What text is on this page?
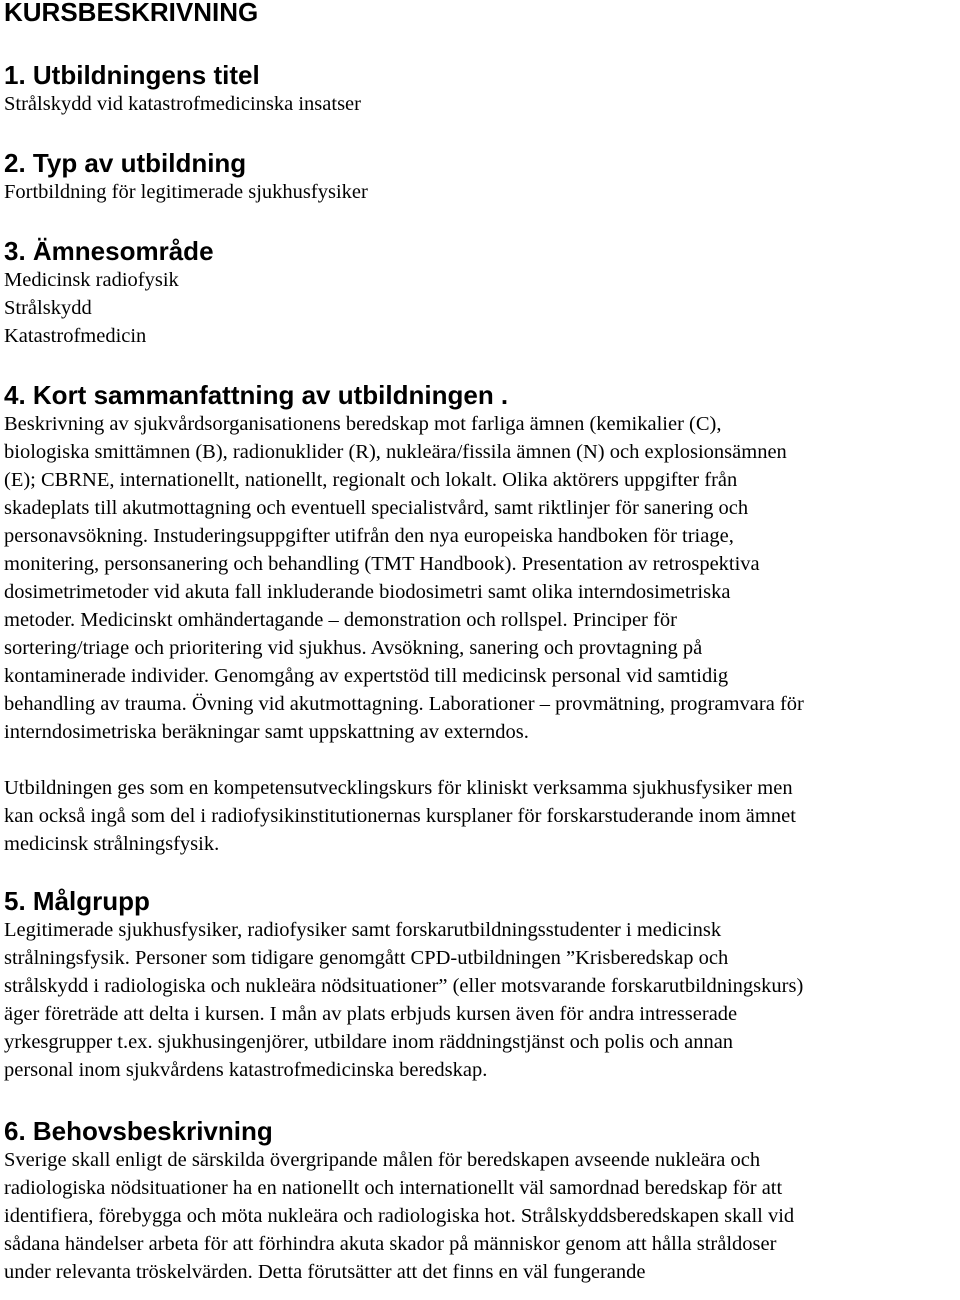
KURSBESKRIVNING
1. Utbildningens titel
Strålskydd vid katastrofmedicinska insatser
2. Typ av utbildning
Fortbildning för legitimerade sjukhusfysiker
3. Ämnesområde
Medicinsk radiofysik
Strålskydd
Katastrofmedicin
4. Kort sammanfattning av utbildningen .
Beskrivning av sjukvårdsorganisationens beredskap mot farliga ämnen (kemikalier (C),
biologiska smittämnen (B), radionuklider (R), nukleära/fissila ämnen (N) och explosionsämnen
(E); CBRNE, internationellt, nationellt, regionalt och lokalt. Olika aktörers uppgifter från
skadeplats till akutmottagning och eventuell specialistvård, samt riktlinjer för sanering och
personavsökning. Instuderingsuppgifter utifrån den nya europeiska handboken för triage,
monitering, personsanering och behandling (TMT Handbook). Presentation av retrospektiva
dosimetrimetoder vid akuta fall inkluderande biodosimetri samt olika interndosimetriska
metoder. Medicinskt omhändertagande – demonstration och rollspel. Principer för
sortering/triage och prioritering vid sjukhus. Avsökning, sanering och provtagning på
kontaminerade individer. Genomgång av expertstöd till medicinsk personal vid samtidig
behandling av trauma. Övning vid akutmottagning. Laborationer – provmätning, programvara för
interndosimetriska beräkningar samt uppskattning av externdos.
Utbildningen ges som en kompetensutvecklingskurs för kliniskt verksamma sjukhusfysiker men
kan också ingå som del i radiofysikinstitutionernas kursplaner för forskarstuderande inom ämnet
medicinsk strålningsfysik.
5. Målgrupp
Legitimerade sjukhusfysiker, radiofysiker samt forskarutbildningsstudenter i medicinsk
strålningsfysik. Personer som tidigare genomgått CPD-utbildningen ”Krisberedskap och
strålskydd i radiologiska och nukleära nödsituationer” (eller motsvarande forskarutbildningskurs)
äger företräde att delta i kursen. I mån av plats erbjuds kursen även för andra intresserade
yrkesgrupper t.ex. sjukhusingenjörer, utbildare inom räddningstjänst och polis och annan
personal inom sjukvårdens katastrofmedicinska beredskap.
6. Behovsbeskrivning
Sverige skall enligt de särskilda övergripande målen för beredskapen avseende nukleära och
radiologiska nödsituationer ha en nationellt och internationellt väl samordnad beredskap för att
identifiera, förebygga och möta nukleära och radiologiska hot. Strålskyddsberedskapen skall vid
sådana händelser arbeta för att förhindra akuta skador på människor genom att hålla stråldoser
under relevanta tröskelvärden. Detta förutsätter att det finns en väl fungerande
